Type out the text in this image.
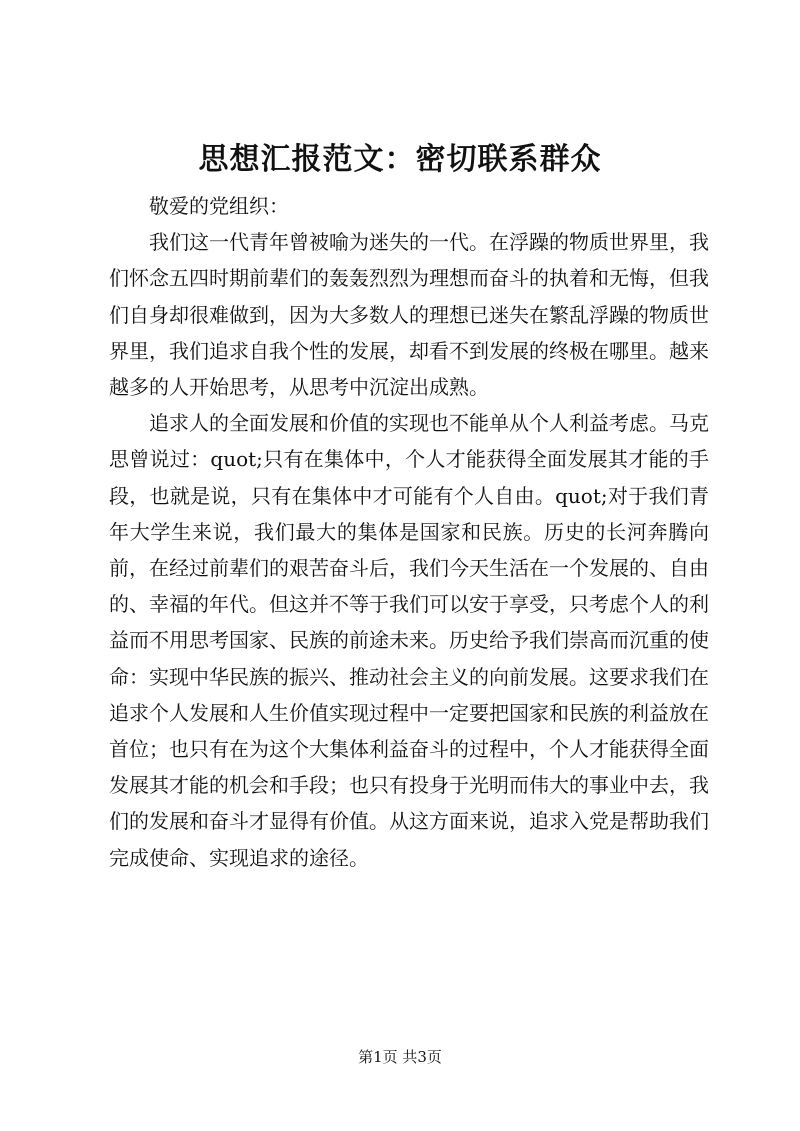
思想汇报范文：密切联系群众

敬爱的党组织：

我们这一代青年曾被喻为迷失的一代。在浮躁的物质世界里，我们怀念五四时期前辈们的轰轰烈烈为理想而奋斗的执着和无悔，但我们自身却很难做到，因为大多数人的理想已迷失在繁乱浮躁的物质世界里，我们追求自我个性的发展，却看不到发展的终极在哪里。越来越多的人开始思考，从思考中沉淀出成熟。

追求人的全面发展和价值的实现也不能单从个人利益考虑。马克思曾说过：quot;只有在集体中，个人才能获得全面发展其才能的手段，也就是说，只有在集体中才可能有个人自由。quot;对于我们青年大学生来说，我们最大的集体是国家和民族。历史的长河奔腾向前，在经过前辈们的艰苦奋斗后，我们今天生活在一个发展的、自由的、幸福的年代。但这并不等于我们可以安于享受，只考虑个人的利益而不用思考国家、民族的前途未来。历史给予我们崇高而沉重的使命：实现中华民族的振兴、推动社会主义的向前发展。这要求我们在追求个人发展和人生价值实现过程中一定要把国家和民族的利益放在首位；也只有在为这个大集体利益奋斗的过程中，个人才能获得全面发展其才能的机会和手段；也只有投身于光明而伟大的事业中去，我们的发展和奋斗才显得有价值。从这方面来说，追求入党是帮助我们完成使命、实现追求的途径。

第1页 共3页
